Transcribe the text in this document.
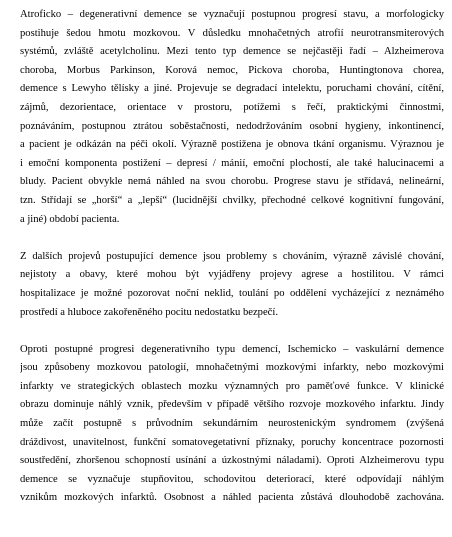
Atroficko – degenerativní demence se vyznačují postupnou progresí stavu, a morfologicky
postihuje šedou hmotu mozkovou. V důsledku mnohačetných atrofií neurotransmiterových
systémů, zvláště acetylcholinu. Mezi tento typ demence se nejčastěji řadí – Alzheimerova
choroba, Morbus Parkinson, Korová nemoc, Pickova choroba, Huntingtonova chorea,
demence s Lewyho tělísky a jiné. Projevuje se degradací intelektu, poruchami chování, cítění,
zájmů, dezorientace, orientace v prostoru, potížemi s řečí, praktickými činnostmi,
poznáváním, postupnou ztrátou soběstačnosti, nedodržováním osobní hygieny, inkontinencí,
a pacient je odkázán na péči okolí. Výrazně postižena je obnova tkání organismu. Výraznou je
i emoční komponenta postižení – depresí / mánií, emoční plochostí, ale také halucinacemi a
bludy. Pacient obvykle nemá náhled na svou chorobu. Progrese stavu je střídavá, nelineární,
tzn. Střídají se „horší“ a „lepší“ (lucidnější chvilky, přechodné celkové kognitivní fungování,
a jiné) období pacienta.
Z dalších projevů postupující demence jsou problemy s chováním, výrazně závislé chování,
nejistoty a obavy, které mohou být vyjádřeny projevy agrese a hostilitou. V rámci
hospitalizace je možné pozorovat noční neklid, toulání po oddělení vycházející z neznámého
prostředí a hluboce zakořeněného pocitu nedostatku bezpečí.
Oproti postupné progresi degenerativního typu demencí, Ischemicko – vaskulární demence
jsou způsobeny mozkovou patologií, mnohačetnými mozkovými infarkty, nebo mozkovými
infarkty ve strategických oblastech mozku významných pro paměťové funkce. V klinické
obrazu dominuje náhlý vznik, především v případě většího rozvoje mozkového infarktu. Jindy
může začít postupně s průvodním sekundárním neurostenickým syndromem (zvýšená
dráždivost, unavitelnost, funkční somatovegetativní příznaky, poruchy koncentrace pozornosti
soustředění, zhoršenou schopností usínání a úzkostnými náladami). Oproti Alzheimerovu typu
demence se vyznačuje stupňovitou, schodovitou deteriorací, které odpovídají náhlým
vznikům mozkových infarktů. Osobnost a náhled pacienta zůstává dlouhodobě zachována.
